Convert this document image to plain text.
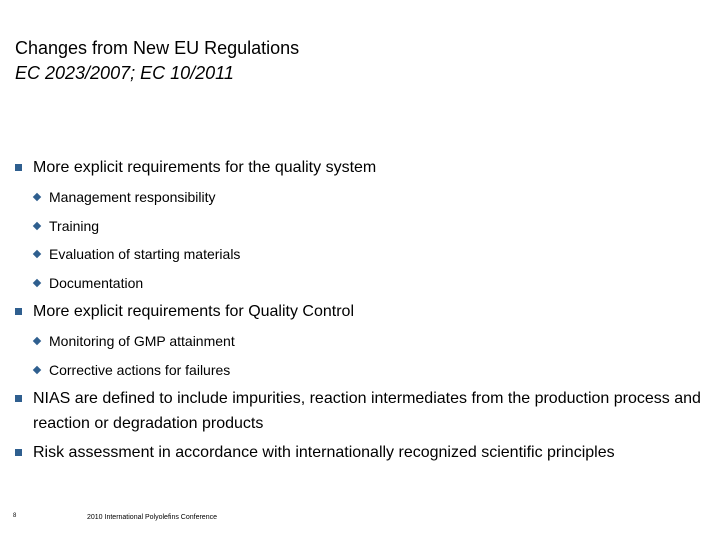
Changes from New EU Regulations
EC 2023/2007; EC 10/2011
More explicit requirements for the quality system
Management responsibility
Training
Evaluation of starting materials
Documentation
More explicit requirements for Quality Control
Monitoring of GMP attainment
Corrective actions for failures
NIAS are defined to include impurities, reaction intermediates from the production process and reaction or degradation products
Risk assessment in accordance with internationally recognized scientific principles
8	2010 International Polyolefins Conference
